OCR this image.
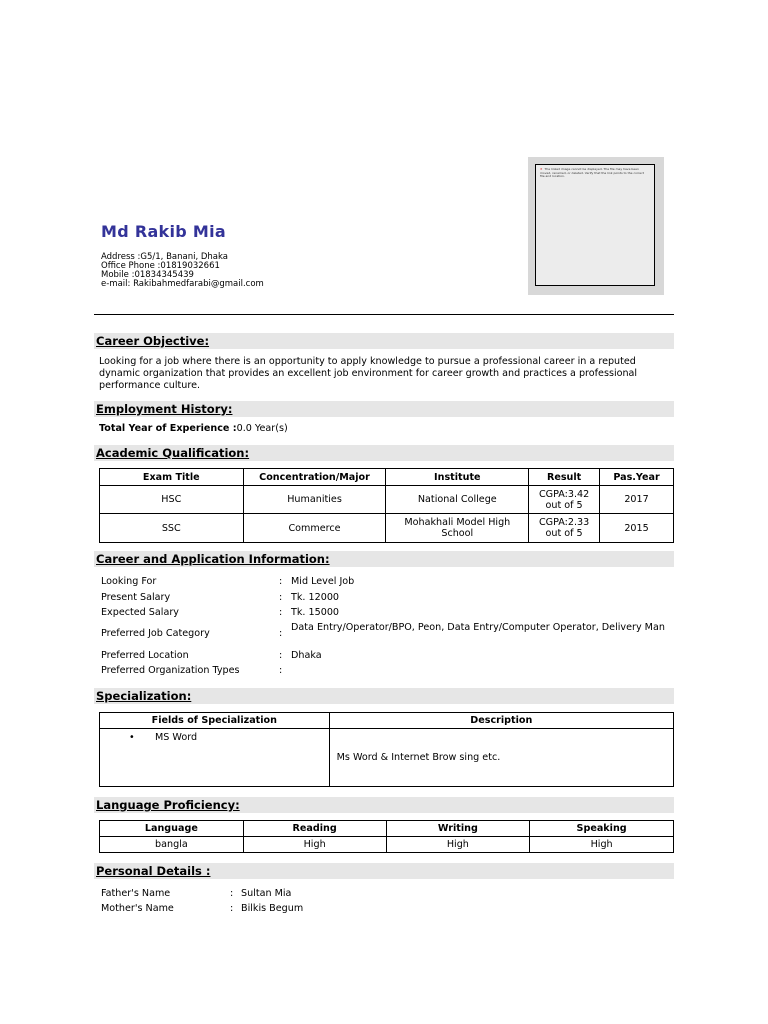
Md Rakib Mia
Address :G5/1, Banani, Dhaka
Office Phone :01819032661
Mobile :01834345439
e-mail: Rakibahmedfarabi@gmail.com
✕ The linked image cannot be displayed. The file may have been moved, renamed, or deleted. Verify that the link points to the correct file and location.
Career Objective:
Looking for a job where there is an opportunity to apply knowledge to pursue a professional career in a reputed dynamic organization that provides an excellent job environment for career growth and practices a professional performance culture.
Employment History:
Total Year of Experience :0.0 Year(s)
Academic Qualification:
Exam Title	Concentration/Major	Institute	Result	Pas.Year
HSC	Humanities	National College	CGPA:3.42 out of 5	2017
SSC	Commerce	Mohakhali Model High School	CGPA:2.33 out of 5	2015
Career and Application Information:
Looking For	: Mid Level Job
Present Salary	: Tk. 12000
Expected Salary	: Tk. 15000
Preferred Job Category	:
Data Entry/Operator/BPO, Peon, Data Entry/Computer Operator, Delivery Man
Preferred Location	: Dhaka
Preferred Organization Types	:
Specialization:
Fields of Specialization	Description
• MS Word	Ms Word & Internet Brow sing etc.
Language Proficiency:
Language	Reading	Writing	Speaking
bangla	High	High	High
Personal Details :
Father's Name	: Sultan Mia
Mother's Name	: Bilkis Begum
